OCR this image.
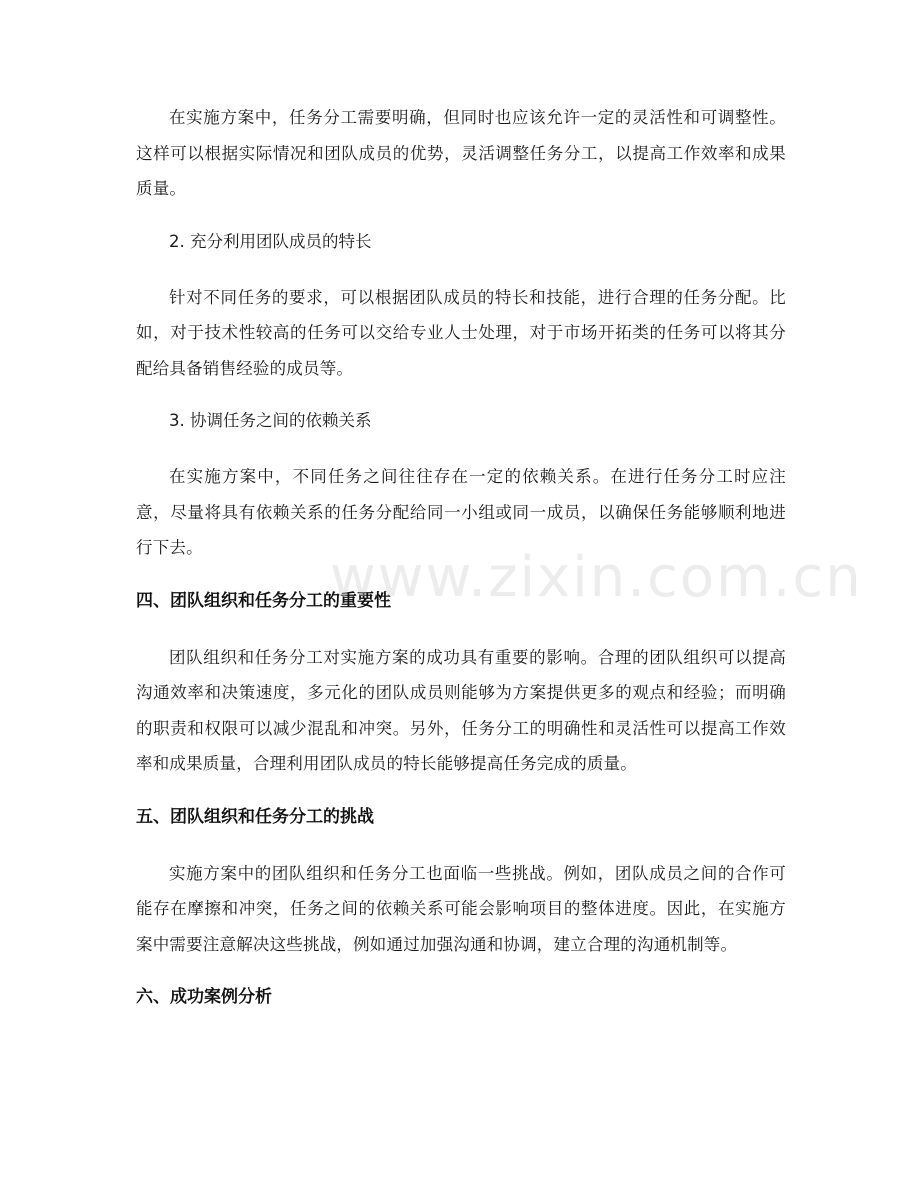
在实施方案中，任务分工需要明确，但同时也应该允许一定的灵活性和可调整性。这样可以根据实际情况和团队成员的优势，灵活调整任务分工，以提高工作效率和成果质量。

2. 充分利用团队成员的特长

针对不同任务的要求，可以根据团队成员的特长和技能，进行合理的任务分配。比如，对于技术性较高的任务可以交给专业人士处理，对于市场开拓类的任务可以将其分配给具备销售经验的成员等。

3. 协调任务之间的依赖关系

在实施方案中，不同任务之间往往存在一定的依赖关系。在进行任务分工时应注意，尽量将具有依赖关系的任务分配给同一小组或同一成员，以确保任务能够顺利地进行下去。

四、团队组织和任务分工的重要性

团队组织和任务分工对实施方案的成功具有重要的影响。合理的团队组织可以提高沟通效率和决策速度，多元化的团队成员则能够为方案提供更多的观点和经验；而明确的职责和权限可以减少混乱和冲突。另外，任务分工的明确性和灵活性可以提高工作效率和成果质量，合理利用团队成员的特长能够提高任务完成的质量。

五、团队组织和任务分工的挑战

实施方案中的团队组织和任务分工也面临一些挑战。例如，团队成员之间的合作可能存在摩擦和冲突，任务之间的依赖关系可能会影响项目的整体进度。因此，在实施方案中需要注意解决这些挑战，例如通过加强沟通和协调，建立合理的沟通机制等。

六、成功案例分析
www.zixin.com.cn
